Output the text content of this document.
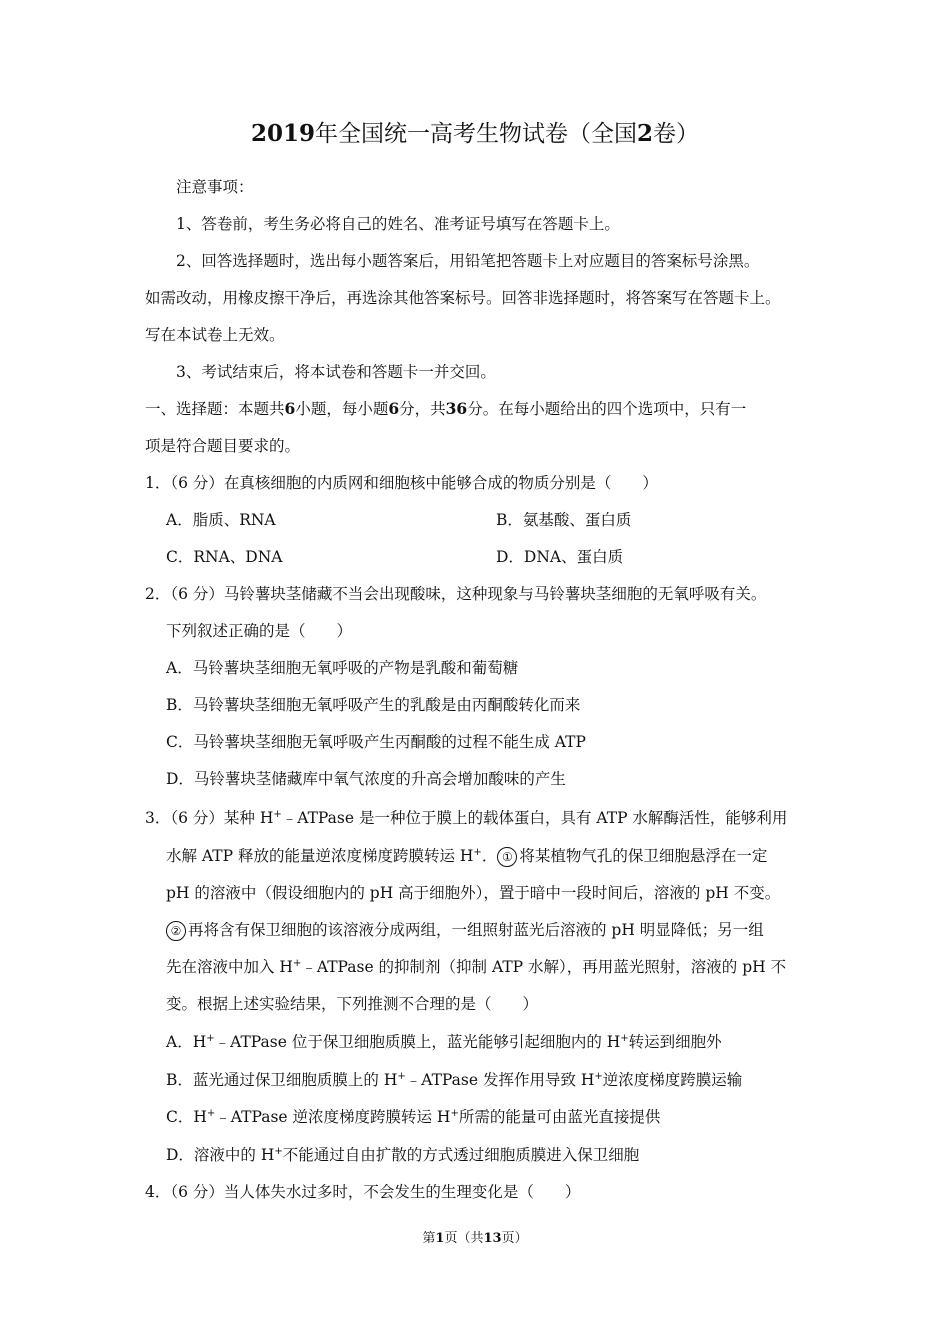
2019年全国统一高考生物试卷（全国2卷）
注意事项：
1、答卷前，考生务必将自己的姓名、准考证号填写在答题卡上。
2、回答选择题时，选出每小题答案后，用铅笔把答题卡上对应题目的答案标号涂黑。
如需改动，用橡皮擦干净后，再选涂其他答案标号。回答非选择题时，将答案写在答题卡上。
写在本试卷上无效。
3、考试结束后，将本试卷和答题卡一并交回。
一、选择题：本题共6小题，每小题6分，共36分。在每小题给出的四个选项中，只有一
项是符合题目要求的。
1．（6 分）在真核细胞的内质网和细胞核中能够合成的物质分别是（　　）
A．脂质、RNA	B．氨基酸、蛋白质
C．RNA、DNA	D．DNA、蛋白质
2．（6 分）马铃薯块茎储藏不当会出现酸味，这种现象与马铃薯块茎细胞的无氧呼吸有关。
下列叙述正确的是（　　）
A．马铃薯块茎细胞无氧呼吸的产物是乳酸和葡萄糖
B．马铃薯块茎细胞无氧呼吸产生的乳酸是由丙酮酸转化而来
C．马铃薯块茎细胞无氧呼吸产生丙酮酸的过程不能生成 ATP
D．马铃薯块茎储藏库中氧气浓度的升高会增加酸味的产生
3．（6 分）某种 H+﹣ATPase 是一种位于膜上的载体蛋白，具有 ATP 水解酶活性，能够利用
水解 ATP 释放的能量逆浓度梯度跨膜转运 H+． ① 将某植物气孔的保卫细胞悬浮在一定
pH 的溶液中（假设细胞内的 pH 高于细胞外），置于暗中一段时间后，溶液的 pH 不变。
② 再将含有保卫细胞的该溶液分成两组，一组照射蓝光后溶液的 pH 明显降低；另一组
先在溶液中加入 H+﹣ATPase 的抑制剂（抑制 ATP 水解），再用蓝光照射，溶液的 pH 不
变。根据上述实验结果，下列推测不合理的是（　　）
A．H+﹣ATPase 位于保卫细胞质膜上，蓝光能够引起细胞内的 H+转运到细胞外
B．蓝光通过保卫细胞质膜上的 H+﹣ATPase 发挥作用导致 H+逆浓度梯度跨膜运输
C．H+﹣ATPase 逆浓度梯度跨膜转运 H+所需的能量可由蓝光直接提供
D．溶液中的 H+不能通过自由扩散的方式透过细胞质膜进入保卫细胞
4．（6 分）当人体失水过多时，不会发生的生理变化是（　　）
第1页（共13页）
